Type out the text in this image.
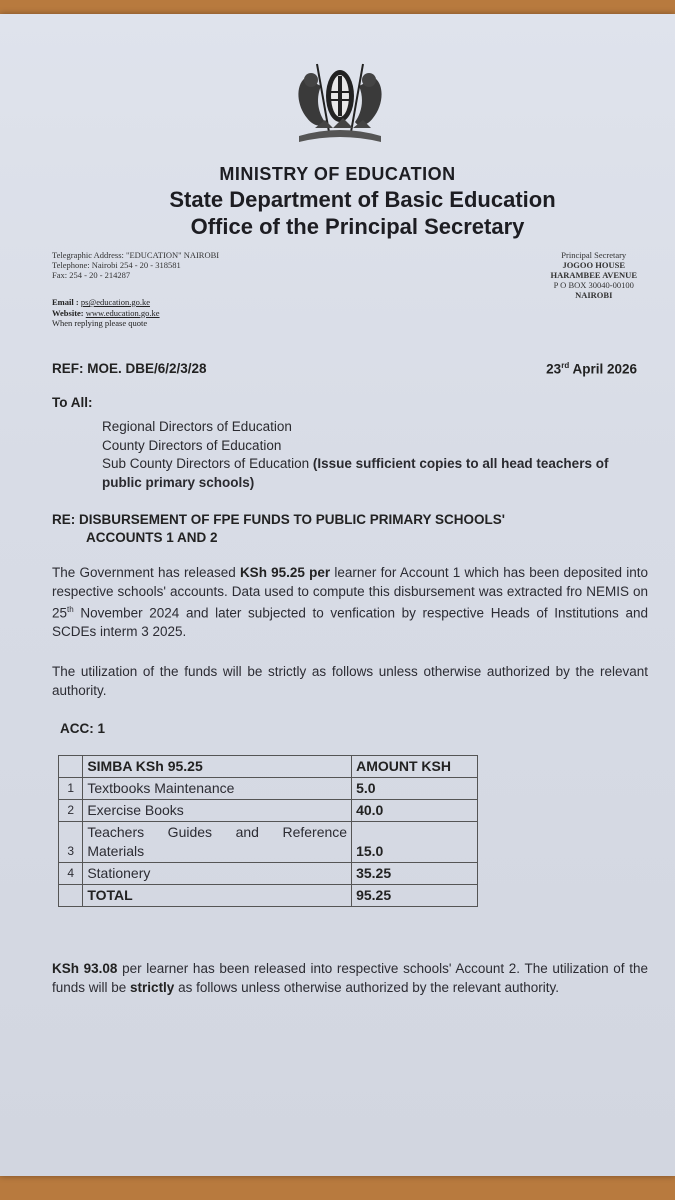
MINISTRY OF EDUCATION
State Department of Basic Education
Office of the Principal Secretary
Telegraphic Address: "EDUCATION" NAIROBI
Telephone: Nairobi 254 - 20 - 318581
Fax: 254 - 20 - 214287
Principal Secretary
JOGOO HOUSE
HARAMBEE AVENUE
P O BOX 30040-00100
NAIROBI
Email : ps@education.go.ke
Website: www.education.go.ke
When replying please quote
REF: MOE. DBE/6/2/3/28	23rd April 2026
To All:
Regional Directors of Education
County Directors of Education
Sub County Directors of Education (Issue sufficient copies to all head teachers of public primary schools)
RE: DISBURSEMENT OF FPE FUNDS TO PUBLIC PRIMARY SCHOOLS'
ACCOUNTS 1 AND 2
The Government has released KSh 95.25 per learner for Account 1 which has been deposited into respective schools' accounts. Data used to compute this disbursement was extracted fro NEMIS on 25th November 2024 and later subjected to venfication by respective Heads of Institutions and SCDEs interm 3 2025.
The utilization of the funds will be strictly as follows unless otherwise authorized by the relevant authority.
ACC: 1
	SIMBA KSh 95.25	AMOUNT KSH
1	Textbooks Maintenance	5.0
2	Exercise Books	40.0
3	Teachers Guides and Reference Materials	15.0
4	Stationery	35.25
	TOTAL	95.25
KSh 93.08 per learner has been released into respective schools' Account 2. The utilization of the funds will be strictly as follows unless otherwise authorized by the relevant authority.
